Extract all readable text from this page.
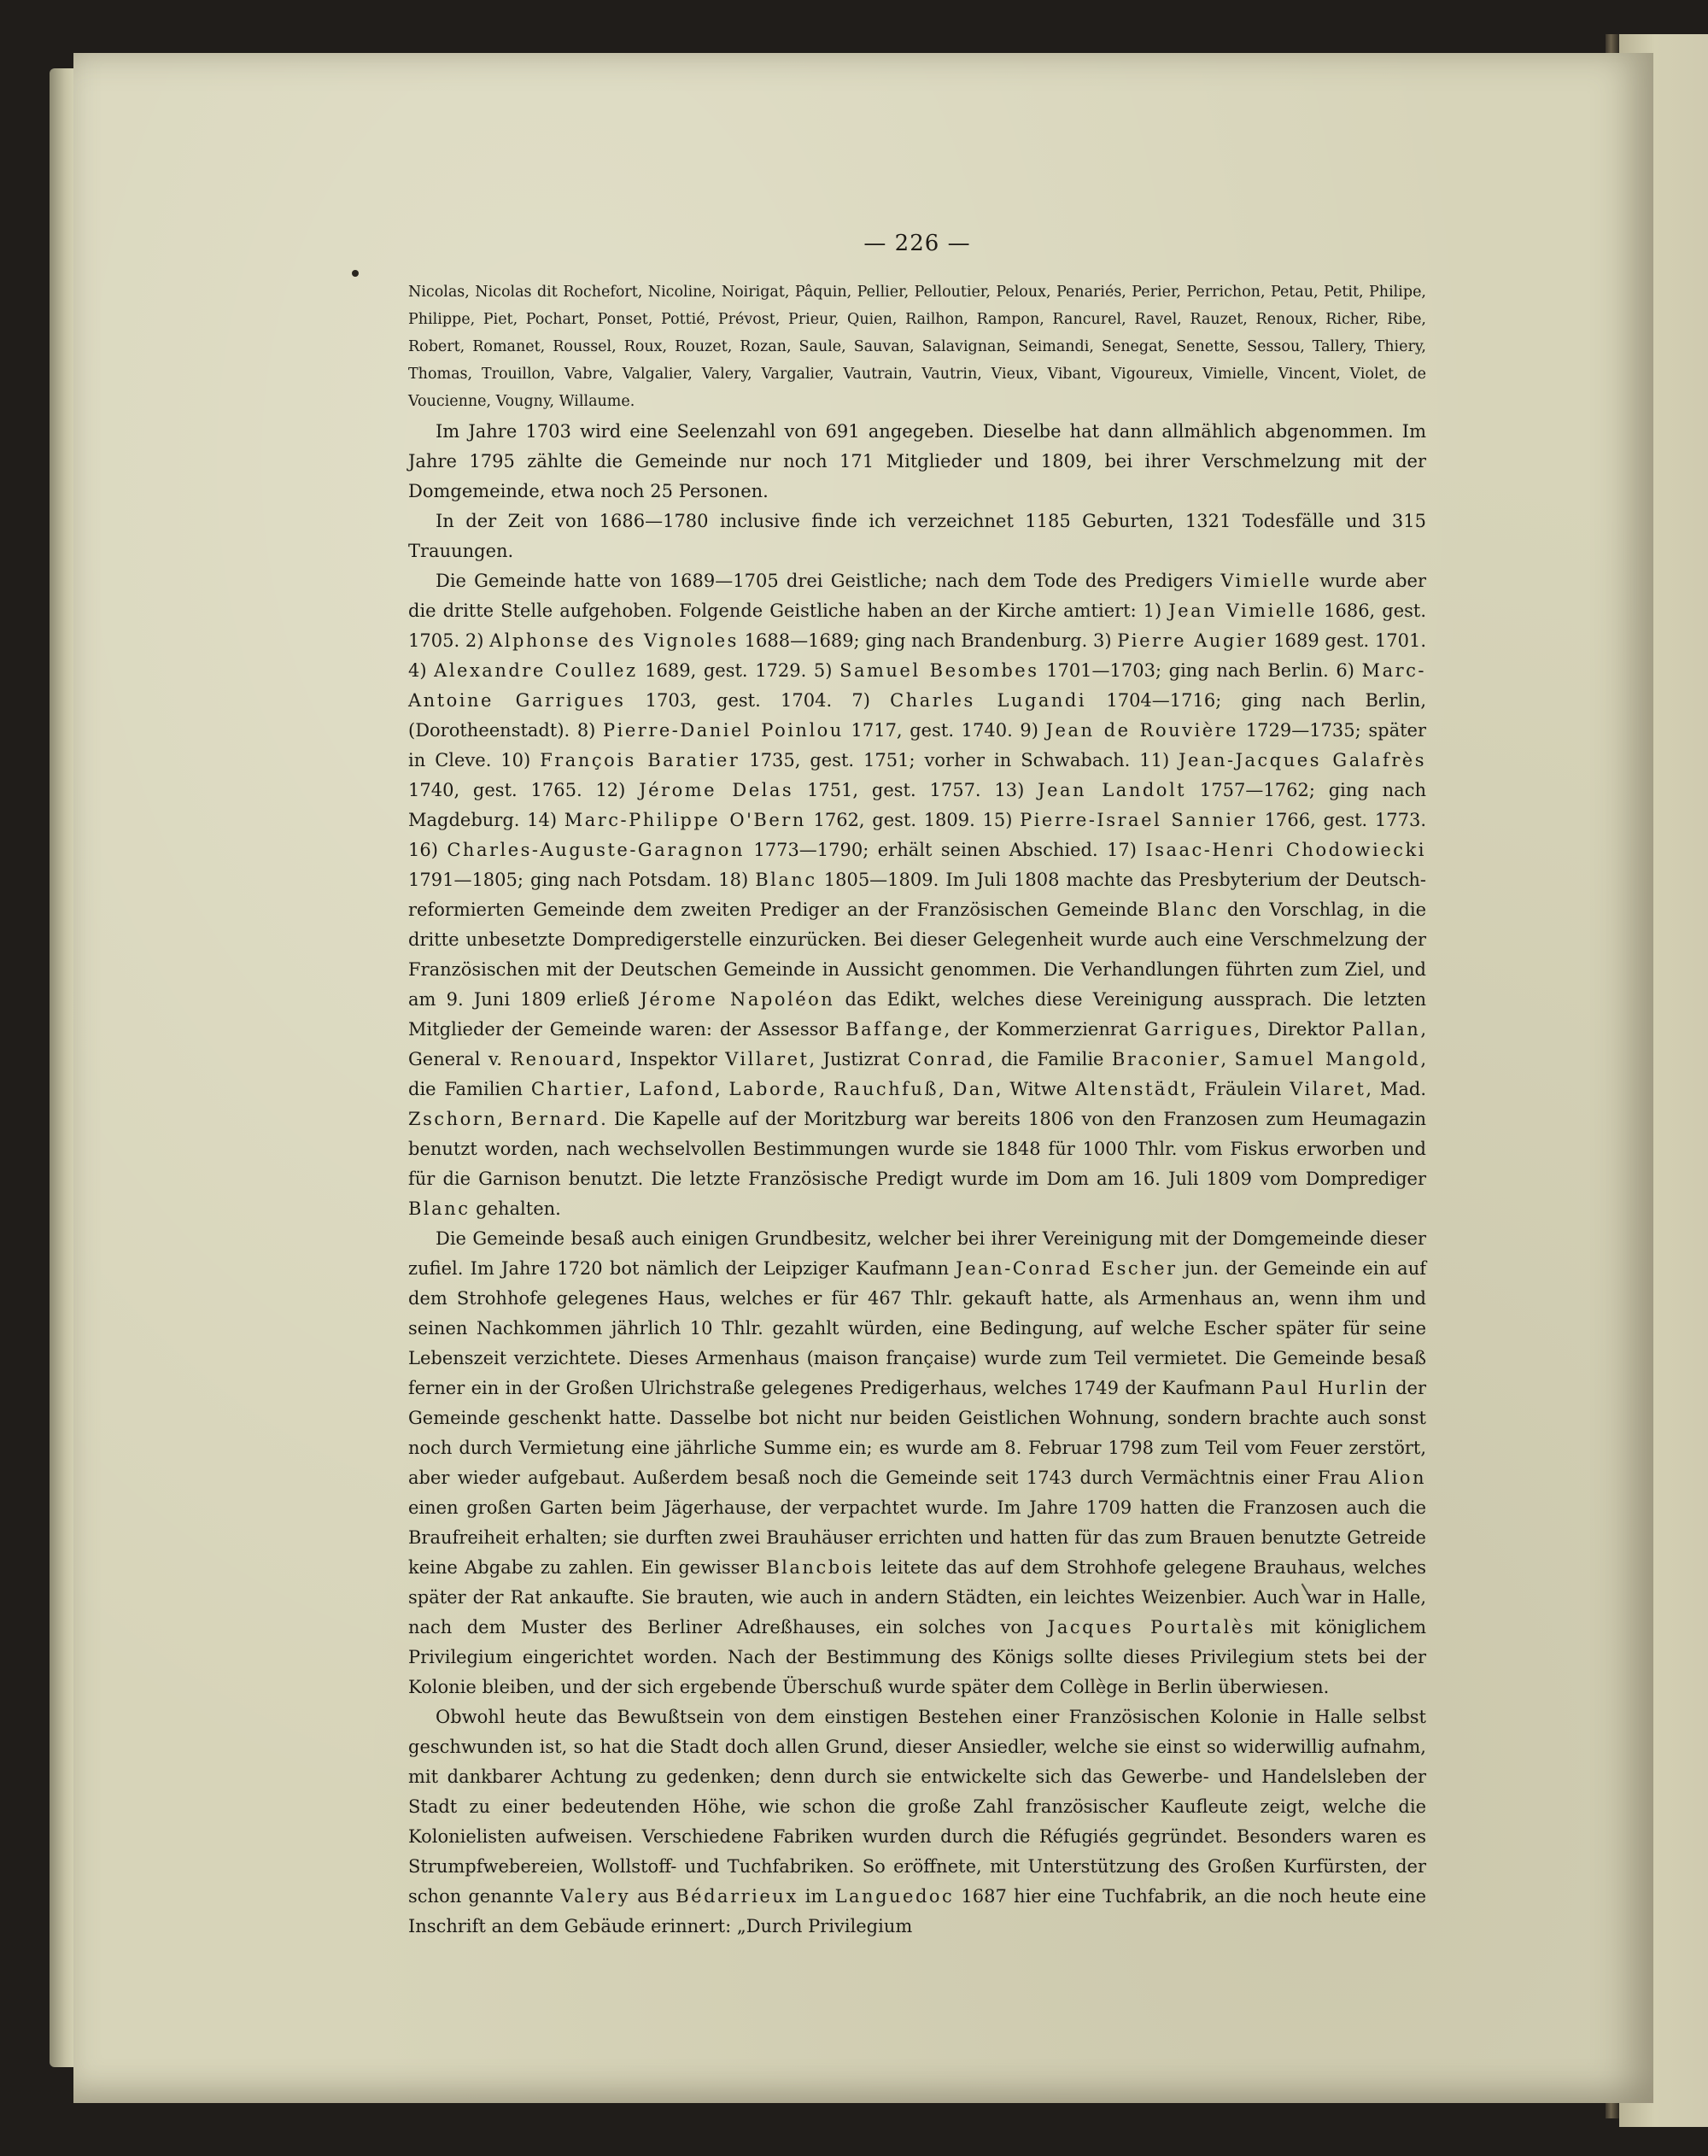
— 226 —

Nicolas, Nicolas dit Rochefort, Nicoline, Noirigat, Pâquin, Pellier, Pelloutier, Peloux, Penariés, Perier, Perrichon, Petau, Petit, Philipe, Philippe, Piet, Pochart, Ponset, Pottié, Prévost, Prieur, Quien, Railhon, Rampon, Rancurel, Ravel, Rauzet, Renoux, Richer, Ribe, Robert, Romanet, Roussel, Roux, Rouzet, Rozan, Saule, Sauvan, Salavignan, Seimandi, Senegat, Senette, Sessou, Tallery, Thiery, Thomas, Trouillon, Vabre, Valgalier, Valery, Vargalier, Vautrain, Vautrin, Vieux, Vibant, Vigoureux, Vimielle, Vincent, Violet, de Voucienne, Vougny, Willaume.

Im Jahre 1703 wird eine Seelenzahl von 691 angegeben. Dieselbe hat dann allmählich abgenommen. Im Jahre 1795 zählte die Gemeinde nur noch 171 Mitglieder und 1809, bei ihrer Verschmelzung mit der Domgemeinde, etwa noch 25 Personen.

In der Zeit von 1686—1780 inclusive finde ich verzeichnet 1185 Geburten, 1321 Todesfälle und 315 Trauungen.

Die Gemeinde hatte von 1689—1705 drei Geistliche; nach dem Tode des Predigers Vimielle wurde aber die dritte Stelle aufgehoben. Folgende Geistliche haben an der Kirche amtiert: 1) Jean Vimielle 1686, gest. 1705. 2) Alphonse des Vignoles 1688—1689; ging nach Brandenburg. 3) Pierre Augier 1689 gest. 1701. 4) Alexandre Coullez 1689, gest. 1729. 5) Samuel Besombes 1701—1703; ging nach Berlin. 6) Marc-Antoine Garrigues 1703, gest. 1704. 7) Charles Lugandi 1704—1716; ging nach Berlin, (Dorotheenstadt). 8) Pierre-Daniel Poinlou 1717, gest. 1740. 9) Jean de Rouvière 1729—1735; später in Cleve. 10) François Baratier 1735, gest. 1751; vorher in Schwabach. 11) Jean-Jacques Galafrès 1740, gest. 1765. 12) Jérome Delas 1751, gest. 1757. 13) Jean Landolt 1757—1762; ging nach Magdeburg. 14) Marc-Philippe O'Bern 1762, gest. 1809. 15) Pierre-Israel Sannier 1766, gest. 1773. 16) Charles-Auguste-Garagnon 1773—1790; erhält seinen Abschied. 17) Isaac-Henri Chodowiecki 1791—1805; ging nach Potsdam. 18) Blanc 1805—1809. Im Juli 1808 machte das Presbyterium der Deutsch-reformierten Gemeinde dem zweiten Prediger an der Französischen Gemeinde Blanc den Vorschlag, in die dritte unbesetzte Dompredigerstelle einzurücken. Bei dieser Gelegenheit wurde auch eine Verschmelzung der Französischen mit der Deutschen Gemeinde in Aussicht genommen. Die Verhandlungen führten zum Ziel, und am 9. Juni 1809 erließ Jérome Napoléon das Edikt, welches diese Vereinigung aussprach. Die letzten Mitglieder der Gemeinde waren: der Assessor Baffange, der Kommerzienrat Garrigues, Direktor Pallan, General v. Renouard, Inspektor Villaret, Justizrat Conrad, die Familie Braconier, Samuel Mangold, die Familien Chartier, Lafond, Laborde, Rauchfuß, Dan, Witwe Altenstädt, Fräulein Vilaret, Mad. Zschorn, Bernard. Die Kapelle auf der Moritzburg war bereits 1806 von den Franzosen zum Heumagazin benutzt worden, nach wechselvollen Bestimmungen wurde sie 1848 für 1000 Thlr. vom Fiskus erworben und für die Garnison benutzt. Die letzte Französische Predigt wurde im Dom am 16. Juli 1809 vom Domprediger Blanc gehalten.

Die Gemeinde besaß auch einigen Grundbesitz, welcher bei ihrer Vereinigung mit der Domgemeinde dieser zufiel. Im Jahre 1720 bot nämlich der Leipziger Kaufmann Jean-Conrad Escher jun. der Gemeinde ein auf dem Strohhofe gelegenes Haus, welches er für 467 Thlr. gekauft hatte, als Armenhaus an, wenn ihm und seinen Nachkommen jährlich 10 Thlr. gezahlt würden, eine Bedingung, auf welche Escher später für seine Lebenszeit verzichtete. Dieses Armenhaus (maison française) wurde zum Teil vermietet. Die Gemeinde besaß ferner ein in der Großen Ulrichstraße gelegenes Predigerhaus, welches 1749 der Kaufmann Paul Hurlin der Gemeinde geschenkt hatte. Dasselbe bot nicht nur beiden Geistlichen Wohnung, sondern brachte auch sonst noch durch Vermietung eine jährliche Summe ein; es wurde am 8. Februar 1798 zum Teil vom Feuer zerstört, aber wieder aufgebaut. Außerdem besaß noch die Gemeinde seit 1743 durch Vermächtnis einer Frau Alion einen großen Garten beim Jägerhause, der verpachtet wurde. Im Jahre 1709 hatten die Franzosen auch die Braufreiheit erhalten; sie durften zwei Brauhäuser errichten und hatten für das zum Brauen benutzte Getreide keine Abgabe zu zahlen. Ein gewisser Blancbois leitete das auf dem Strohhofe gelegene Brauhaus, welches später der Rat ankaufte. Sie brauten, wie auch in andern Städten, ein leichtes Weizenbier. Auch war in Halle, nach dem Muster des Berliner Adreßhauses, ein solches von Jacques Pourtalès mit königlichem Privilegium eingerichtet worden. Nach der Bestimmung des Königs sollte dieses Privilegium stets bei der Kolonie bleiben, und der sich ergebende Überschuß wurde später dem Collège in Berlin überwiesen.

Obwohl heute das Bewußtsein von dem einstigen Bestehen einer Französischen Kolonie in Halle selbst geschwunden ist, so hat die Stadt doch allen Grund, dieser Ansiedler, welche sie einst so widerwillig aufnahm, mit dankbarer Achtung zu gedenken; denn durch sie entwickelte sich das Gewerbe- und Handelsleben der Stadt zu einer bedeutenden Höhe, wie schon die große Zahl französischer Kaufleute zeigt, welche die Kolonielisten aufweisen. Verschiedene Fabriken wurden durch die Réfugiés gegründet. Besonders waren es Strumpfwebereien, Wollstoff- und Tuchfabriken. So eröffnete, mit Unterstützung des Großen Kurfürsten, der schon genannte Valery aus Bédarrieux im Languedoc 1687 hier eine Tuchfabrik, an die noch heute eine Inschrift an dem Gebäude erinnert: „Durch Privilegium
